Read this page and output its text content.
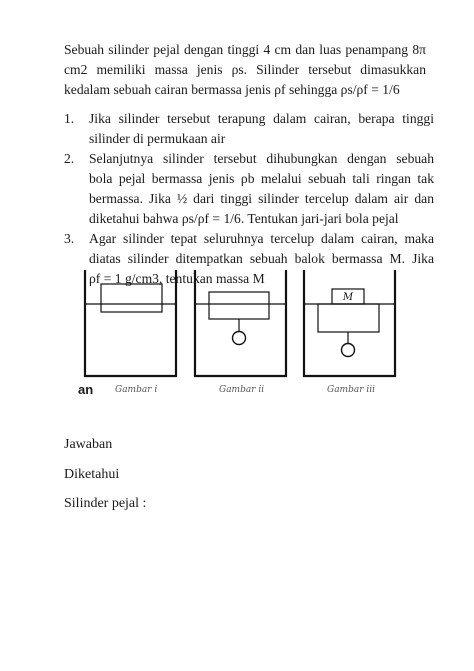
Sebuah silinder pejal dengan tinggi 4 cm dan luas penampang 8π
cm2 memiliki massa jenis ρs. Silinder tersebut dimasukkan
kedalam sebuah cairan bermassa jenis ρf sehingga ρs/ρf = 1/6
1.	Jika silinder tersebut terapung dalam cairan, berapa tinggi
silinder di permukaan air
2.	Selanjutnya silinder tersebut dihubungkan dengan sebuah
bola pejal bermassa jenis ρb melalui sebuah tali ringan tak
bermassa. Jika ½ dari tinggi silinder tercelup dalam air dan
diketahui bahwa ρs/ρf = 1/6. Tentukan jari-jari bola pejal
3.	Agar silinder tepat seluruhnya tercelup dalam cairan, maka
diatas silinder ditempatkan sebuah balok bermassa M. Jika
ρf = 1 g/cm3, tentukan massa M
M
an Gambar i	Gambar ii	Gambar iii
Jawaban
Diketahui
Silinder pejal :
